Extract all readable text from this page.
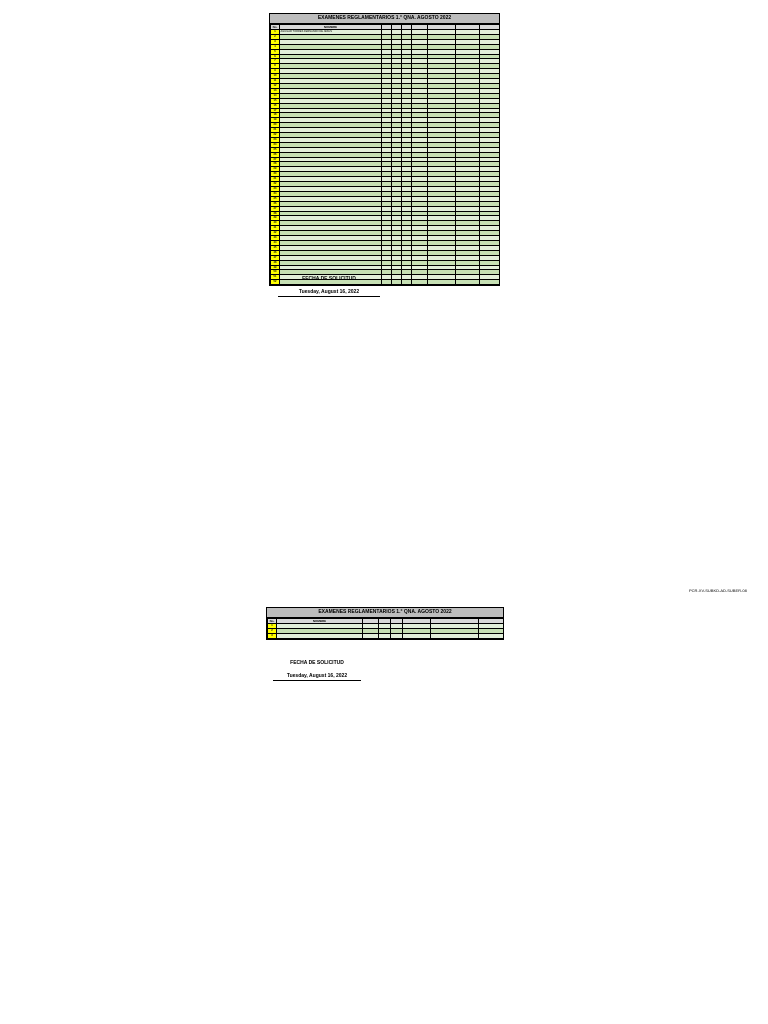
EXAMENES REGLAMENTARIOS 1.° QNA. AGOSTO 2022
No.	NOMBRE							
1	AGUILAR TORRES FERNANDO DE JESUS							
2								
3								
4								
5								
6								
7								
8								
9								
10								
11								
12								
13								
14								
15								
16								
17								
18								
19								
20								
21								
22								
23								
24								
25								
26								
27								
28								
29								
30								
31								
32								
33								
34								
35								
36								
37								
38								
39								
40								
41								
42								
43								
44								
45								
46								
47								
48								
49								
50								
51								
52									FECHA DE SOLICITUD
Tuesday, August 16, 2022
PCR-XV-SUBKD-AD-SUBER-08
EXAMENES REGLAMENTARIOS 1.° QNA. AGOSTO 2022
No.	NOMBRE						
1							
2							
3							
FECHA DE SOLICITUD
Tuesday, August 16, 2022
